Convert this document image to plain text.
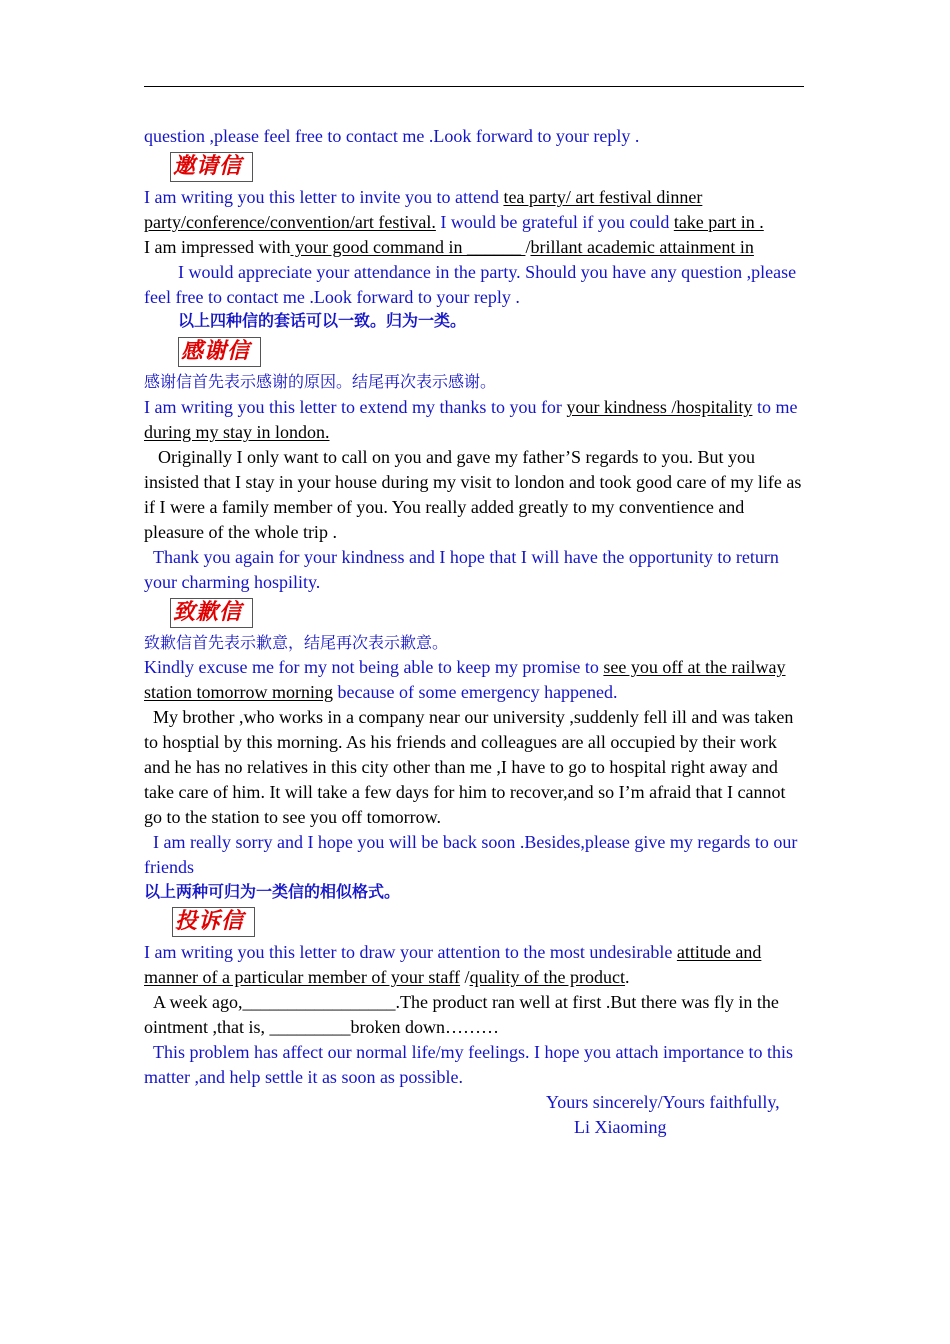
question ,please feel free to contact me .Look forward to your reply .

邀请信

I am writing you this letter to invite you to attend tea party/ art festival dinner party/conference/convention/art festival. I would be grateful if you could take part in .

I am impressed with your good command in ______ /brillant academic attainment in

I would appreciate your attendance in the party. Should you have any question ,please feel free to contact me .Look forward to your reply .

以上四种信的套话可以一致。归为一类。

感谢信

感谢信首先表示感谢的原因。结尾再次表示感谢。

I am writing you this letter to extend my thanks to you for your kindness /hospitality to me during my stay in london.

Originally I only want to call on you and gave my father’S regards to you. But you insisted that I stay in your house during my visit to london and took good care of my life as if I were a family member of you. You really added greatly to my conventience and pleasure of the whole trip .

Thank you again for your kindness and I hope that I will have the opportunity to return your charming hospility.

致歉信

致歉信首先表示歉意，结尾再次表示歉意。

Kindly excuse me for my not being able to keep my promise to see you off at the railway station tomorrow morning because of some emergency happened.

My brother ,who works in a company near our university ,suddenly fell ill and was taken to hosptial by this morning. As his friends and colleagues are all occupied by their work and he has no relatives in this city other than me ,I have to go to hospital right away and take care of him. It will take a few days for him to recover,and so I’m afraid that I cannot go to the station to see you off tomorrow.

I am really sorry and I hope you will be back soon .Besides,please give my regards to our friends

以上两种可归为一类信的相似格式。

投诉信

I am writing you this letter to draw your attention to the most undesirable attitude and manner of a particular member of your staff /quality of the product.

A week ago,_________________.The product ran well at first .But there was fly in the ointment ,that is, _________broken down………

This problem has affect our normal life/my feelings. I hope you attach importance to this matter ,and help settle it as soon as possible.

Yours sincerely/Yours faithfully,

Li Xiaoming
